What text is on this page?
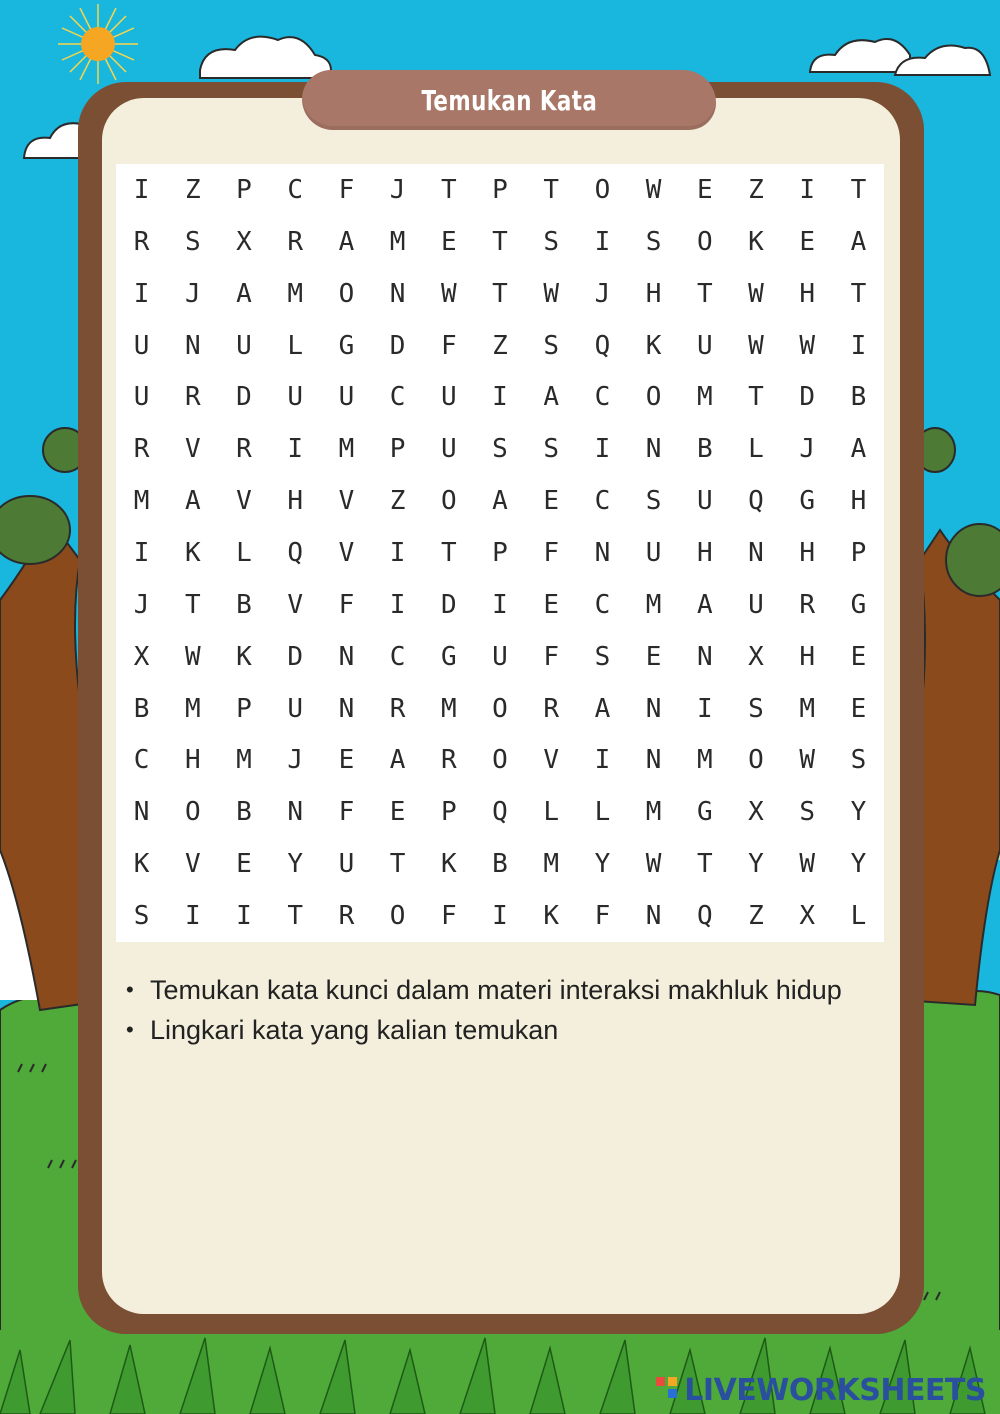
Temukan Kata
I	Z	P	C	F	J	T	P	T	O	W	E	Z	I	T
R	S	X	R	A	M	E	T	S	I	S	O	K	E	A
I	J	A	M	O	N	W	T	W	J	H	T	W	H	T
U	N	U	L	G	D	F	Z	S	Q	K	U	W	W	I
U	R	D	U	U	C	U	I	A	C	O	M	T	D	B
R	V	R	I	M	P	U	S	S	I	N	B	L	J	A
M	A	V	H	V	Z	O	A	E	C	S	U	Q	G	H
I	K	L	Q	V	I	T	P	F	N	U	H	N	H	P
J	T	B	V	F	I	D	I	E	C	M	A	U	R	G
X	W	K	D	N	C	G	U	F	S	E	N	X	H	E
B	M	P	U	N	R	M	O	R	A	N	I	S	M	E
C	H	M	J	E	A	R	O	V	I	N	M	O	W	S
N	O	B	N	F	E	P	Q	L	L	M	G	X	S	Y
K	V	E	Y	U	T	K	B	M	Y	W	T	Y	W	Y
S	I	I	T	R	O	F	I	K	F	N	Q	Z	X	L
• Temukan kata kunci dalam materi interaksi makhluk hidup
• Lingkari kata yang kalian temukan
LIVEWORKSHEETS
